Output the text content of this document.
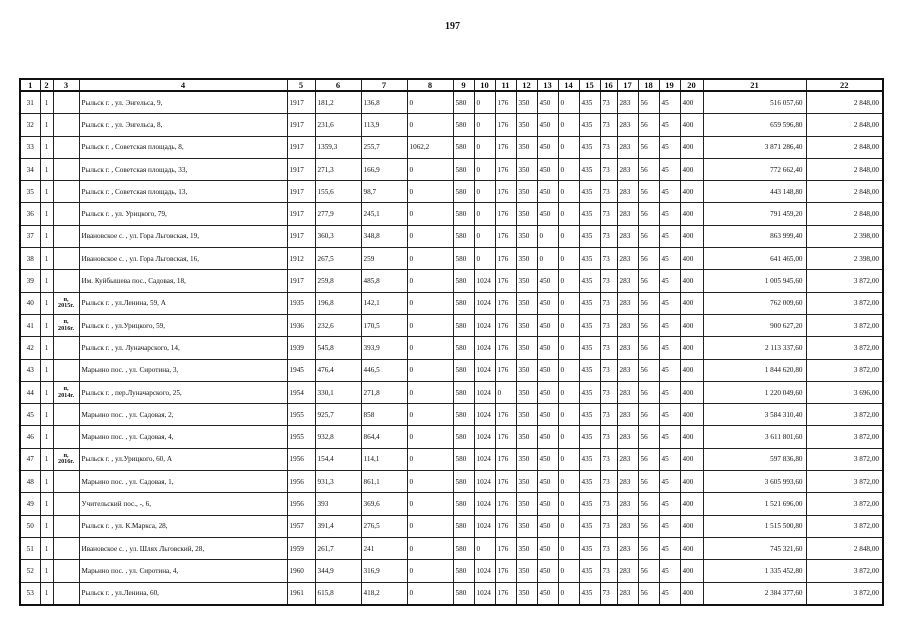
197
1	2	3	4	5	6	7	8	9	10	11	12	13	14	15	16	17	18	19	20	21	22
31	1		Рыльск г. , ул. Энгельса, 9,	1917	181,2	136,8	0	580	0	176	350	450	0	435	73	283	56	45	400	516 057,60	2 848,00
32	1		Рыльск г. , ул. Энгельса, 8,	1917	231,6	113,9	0	580	0	176	350	450	0	435	73	283	56	45	400	659 596,80	2 848,00
33	1		Рыльск г. , Советская площадь, 8,	1917	1359,3	255,7	1062,2	580	0	176	350	450	0	435	73	283	56	45	400	3 871 286,40	2 848,00
34	1		Рыльск г. , Советская площадь, 33,	1917	271,3	166,9	0	580	0	176	350	450	0	435	73	283	56	45	400	772 662,40	2 848,00
35	1		Рыльск г. , Советская площадь, 13,	1917	155,6	98,7	0	580	0	176	350	450	0	435	73	283	56	45	400	443 148,80	2 848,00
36	1		Рыльск г. , ул. Урицкого, 79,	1917	277,9	245,1	0	580	0	176	350	450	0	435	73	283	56	45	400	791 459,20	2 848,00
37	1		Ивановское с. , ул. Гора Льговская, 19,	1917	360,3	348,8	0	580	0	176	350	0	0	435	73	283	56	45	400	863 999,40	2 398,00
38	1		Ивановское с. , ул. Гора Льговская, 16,	1912	267,5	259	0	580	0	176	350	0	0	435	73	283	56	45	400	641 465,00	2 398,00
39	1		Им. Куйбышева пос., Садовая, 18,	1917	259,8	485,8	0	580	1024	176	350	450	0	435	73	283	56	45	400	1 005 945,60	3 872,00
40	1	п, 2015г.	Рыльск г. , ул.Ленина, 59, А	1935	196,8	142,1	0	580	1024	176	350	450	0	435	73	283	56	45	400	762 009,60	3 872,00
41	1	п, 2016г.	Рыльск г. , ул.Урицкого, 59,	1936	232,6	170,5	0	580	1024	176	350	450	0	435	73	283	56	45	400	900 627,20	3 872,00
42	1		Рыльск г. , ул. Луначарского, 14,	1939	545,8	393,9	0	580	1024	176	350	450	0	435	73	283	56	45	400	2 113 337,60	3 872,00
43	1		Марьино пос. , ул. Сиротина, 3,	1945	476,4	446,5	0	580	1024	176	350	450	0	435	73	283	56	45	400	1 844 620,80	3 872,00
44	1	п, 2014г.	Рыльск г. , пер.Луначарского, 25,	1954	330,1	271,8	0	580	1024	0	350	450	0	435	73	283	56	45	400	1 220 049,60	3 696,00
45	1		Марьино пос. , ул. Садовая, 2,	1955	925,7	858	0	580	1024	176	350	450	0	435	73	283	56	45	400	3 584 310,40	3 872,00
46	1		Марьино пос. , ул. Садовая, 4,	1955	932,8	864,4	0	580	1024	176	350	450	0	435	73	283	56	45	400	3 611 801,60	3 872,00
47	1	п, 2016г.	Рыльск г. , ул.Урицкого, 60, А	1956	154,4	114,1	0	580	1024	176	350	450	0	435	73	283	56	45	400	597 836,80	3 872,00
48	1		Марьино пос. , ул. Садовая, 1,	1956	931,3	861,1	0	580	1024	176	350	450	0	435	73	283	56	45	400	3 605 993,60	3 872,00
49	1		Учительский пос., -, 6,	1956	393	369,6	0	580	1024	176	350	450	0	435	73	283	56	45	400	1 521 696,00	3 872,00
50	1		Рыльск г. , ул. К.Маркса, 28,	1957	391,4	276,5	0	580	1024	176	350	450	0	435	73	283	56	45	400	1 515 500,80	3 872,00
51	1		Ивановское с. , ул. Шлях Льговский, 28,	1959	261,7	241	0	580	0	176	350	450	0	435	73	283	56	45	400	745 321,60	2 848,00
52	1		Марьино пос. , ул. Сиротина, 4,	1960	344,9	316,9	0	580	1024	176	350	450	0	435	73	283	56	45	400	1 335 452,80	3 872,00
53	1		Рыльск г. , ул.Ленина, 60,	1961	615,8	418,2	0	580	1024	176	350	450	0	435	73	283	56	45	400	2 384 377,60	3 872,00
